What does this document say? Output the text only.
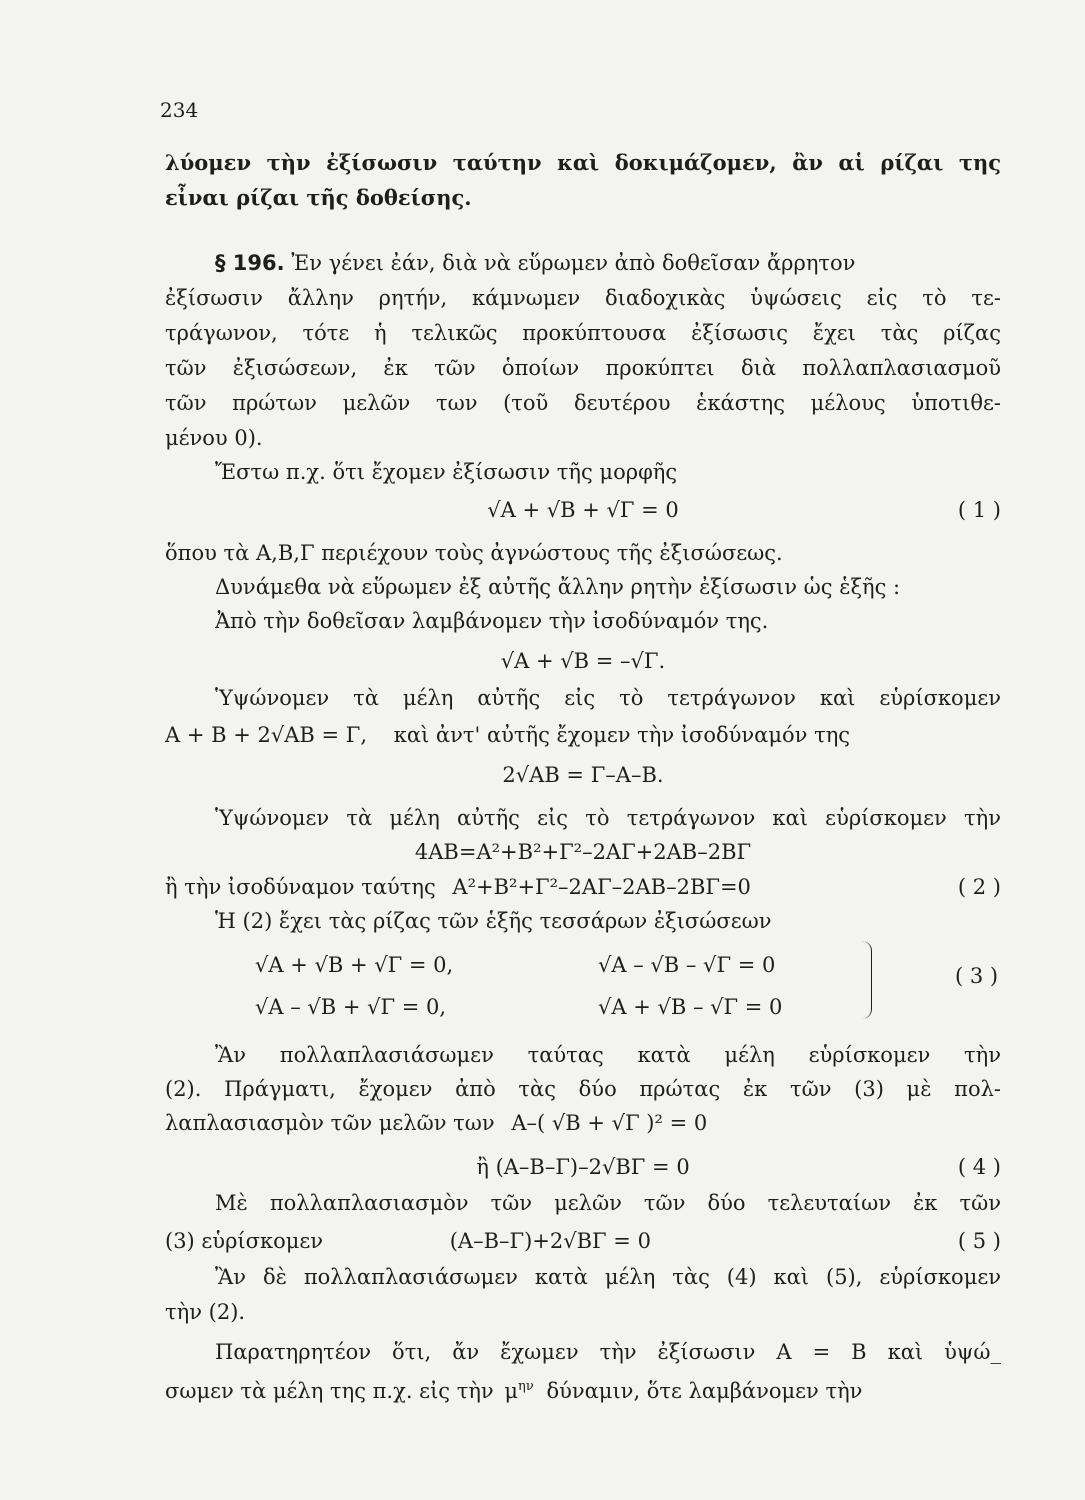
234
λύομεν τὴν ἐξίσωσιν ταύτην καὶ δοκιμάζομεν, ἂν αἱ ρίζαι της
εἶναι ρίζαι τῆς δοθείσης.
§ 196. Ἐν γένει ἐάν, διὰ νὰ εὕρωμεν ἀπὸ δοθεῖσαν ἄρρητον
ἐξίσωσιν ἄλλην ρητήν, κάμνωμεν διαδοχικὰς ὑψώσεις εἰς τὸ τε-
τράγωνον, τότε ἡ τελικῶς προκύπτουσα ἐξίσωσις ἔχει τὰς ρίζας
τῶν ἐξισώσεων, ἐκ τῶν ὁποίων προκύπτει διὰ πολλαπλασιασμοῦ
τῶν πρώτων μελῶν των (τοῦ δευτέρου ἑκάστης μέλους ὑποτιθε-
μένου 0).
Ἔστω π.χ. ὅτι ἔχομεν ἐξίσωσιν τῆς μορφῆς
√Α + √Β + √Γ = 0	( 1 )
ὅπου τὰ Α,Β,Γ περιέχουν τοὺς ἀγνώστους τῆς ἐξισώσεως.
Δυνάμεθα νὰ εὕρωμεν ἐξ αὐτῆς ἄλλην ρητὴν ἐξίσωσιν ὡς ἑξῆς :
Ἀπὸ τὴν δοθεῖσαν λαμβάνομεν τὴν ἰσοδύναμόν της.
√Α + √Β = –√Γ.
Ὑψώνομεν τὰ μέλη αὐτῆς εἰς τὸ τετράγωνον καὶ εὑρίσκομεν
Α + Β + 2√ΑΒ = Γ, καὶ ἀντ' αὐτῆς ἔχομεν τὴν ἰσοδύναμόν της
2√ΑΒ = Γ–Α–Β.
Ὑψώνομεν τὰ μέλη αὐτῆς εἰς τὸ τετράγωνον καὶ εὑρίσκομεν τὴν
4ΑΒ=Α²+Β²+Γ²–2ΑΓ+2ΑΒ–2ΒΓ
ἢ τὴν ἰσοδύναμον ταύτης Α²+Β²+Γ²–2ΑΓ–2ΑΒ–2ΒΓ=0	( 2 )
Ἡ (2) ἔχει τὰς ρίζας τῶν ἑξῆς τεσσάρων ἐξισώσεων
√Α + √Β + √Γ = 0,	√Α – √Β – √Γ = 0
√Α – √Β + √Γ = 0,	√Α + √Β – √Γ = 0
( 3 )
Ἂν πολλαπλασιάσωμεν ταύτας κατὰ μέλη εὑρίσκομεν τὴν
(2). Πράγματι, ἔχομεν ἀπὸ τὰς δύο πρώτας ἐκ τῶν (3) μὲ πολ-
λαπλασιασμὸν τῶν μελῶν των Α–( √Β + √Γ )² = 0
ἢ (Α–Β–Γ)–2√ΒΓ = 0	( 4 )
Μὲ πολλαπλασιασμὸν τῶν μελῶν τῶν δύο τελευταίων ἐκ τῶν
(3) εὑρίσκομεν	(Α–Β–Γ)+2√ΒΓ = 0	( 5 )
Ἂν δὲ πολλαπλασιάσωμεν κατὰ μέλη τὰς (4) καὶ (5), εὑρίσκομεν
τὴν (2).
Παρατηρητέον ὅτι, ἄν ἔχωμεν τὴν ἐξίσωσιν Α = Β καὶ ὑψώ_
σωμεν τὰ μέλη της π.χ. εἰς τὴν $\mu^{\eta\nu}$ δύναμιν, ὅτε λαμβάνομεν τὴν
